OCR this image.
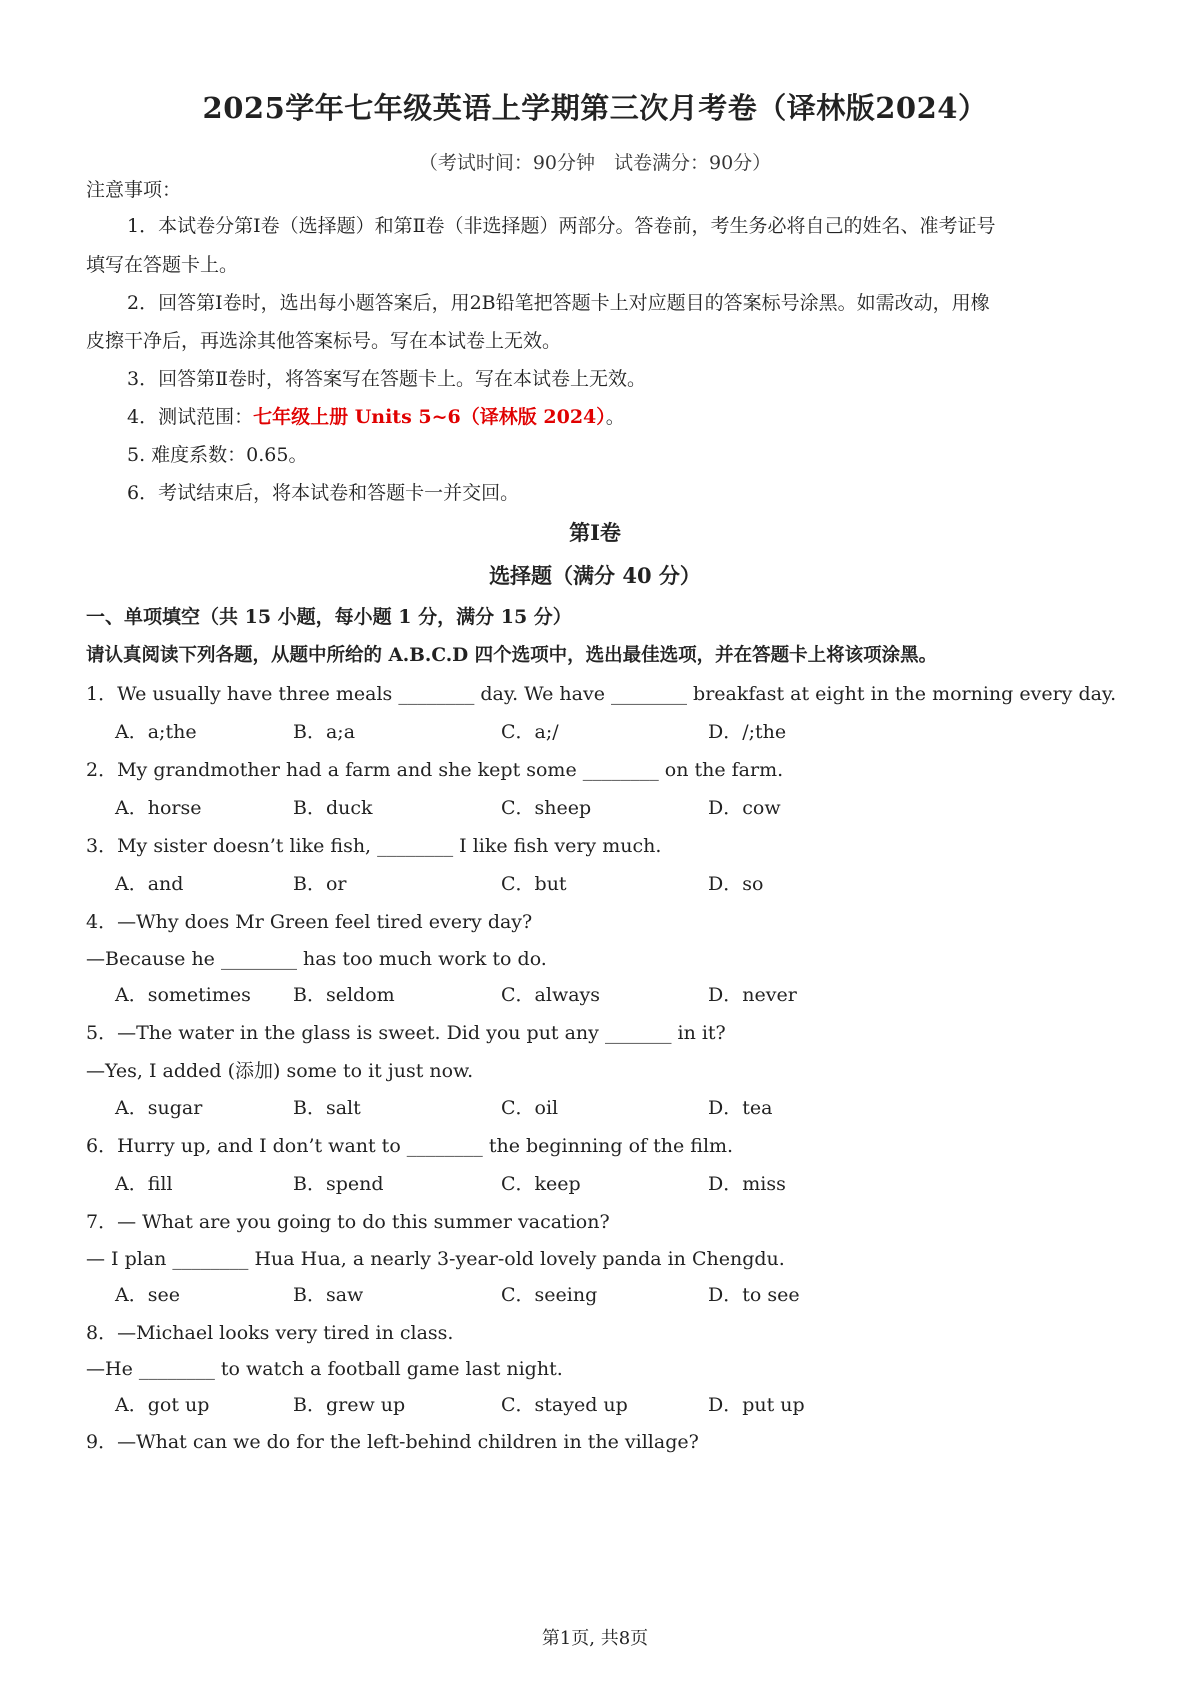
2025学年七年级英语上学期第三次月考卷（译林版2024）
（考试时间：90分钟　试卷满分：90分）
注意事项：
1．本试卷分第Ⅰ卷（选择题）和第Ⅱ卷（非选择题）两部分。答卷前，考生务必将自己的姓名、准考证号
填写在答题卡上。
2．回答第Ⅰ卷时，选出每小题答案后，用2B铅笔把答题卡上对应题目的答案标号涂黑。如需改动，用橡
皮擦干净后，再选涂其他答案标号。写在本试卷上无效。
3．回答第Ⅱ卷时，将答案写在答题卡上。写在本试卷上无效。
4．测试范围：七年级上册 Units 5~6（译林版 2024）。
5. 难度系数：0.65。
6．考试结束后，将本试卷和答题卡一并交回。
第Ⅰ卷
选择题（满分 40 分）
一、单项填空（共 15 小题，每小题 1 分，满分 15 分）
请认真阅读下列各题，从题中所给的 A.B.C.D 四个选项中，选出最佳选项，并在答题卡上将该项涂黑。
1．We usually have three meals ________ day. We have ________ breakfast at eight in the morning every day.
A．a;the	B．a;a	C．a;/	D．/;the
2．My grandmother had a farm and she kept some ________ on the farm.
A．horse	B．duck	C．sheep	D．cow
3．My sister doesn’t like fish, ________ I like fish very much.
A．and	B．or	C．but	D．so
4．—Why does Mr Green feel tired every day?
—Because he ________ has too much work to do.
A．sometimes B．seldom	C．always	D．never
5．—The water in the glass is sweet. Did you put any _______ in it?
—Yes, I added (添加) some to it just now.
A．sugar	B．salt	C．oil	D．tea
6．Hurry up, and I don’t want to ________ the beginning of the film.
A．fill	B．spend	C．keep	D．miss
7．— What are you going to do this summer vacation?
— I plan ________ Hua Hua, a nearly 3-year-old lovely panda in Chengdu.
A．see	B．saw	C．seeing	D．to see
8．—Michael looks very tired in class.
—He ________ to watch a football game last night.
A．got up	B．grew up	C．stayed up	D．put up
9．—What can we do for the left-behind children in the village?
第1页, 共8页
